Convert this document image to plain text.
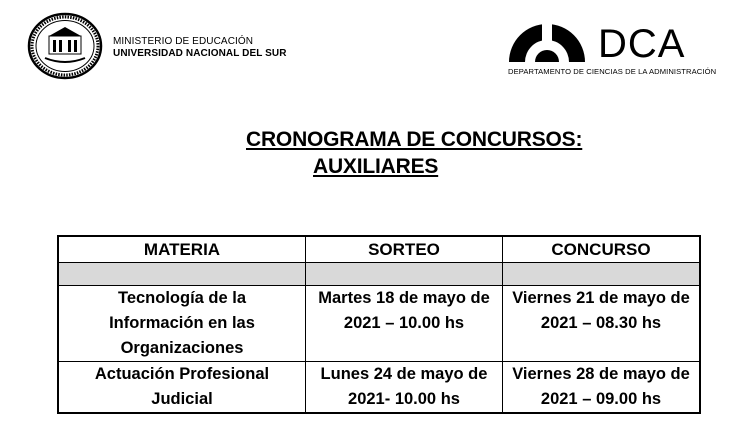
MINISTERIO DE EDUCACIÓN
UNIVERSIDAD NACIONAL DEL SUR	DCA
DEPARTAMENTO DE CIENCIAS DE LA ADMINISTRACIÓN
CRONOGRAMA DE CONCURSOS:
AUXILIARES
MATERIA	SORTEO	CONCURSO

Tecnología de la Información en las Organizaciones	Martes 18 de mayo de 2021 – 10.00 hs	Viernes 21 de mayo de 2021 – 08.30 hs
Actuación Profesional Judicial	Lunes 24 de mayo de 2021- 10.00 hs	Viernes 28 de mayo de 2021 – 09.00 hs
